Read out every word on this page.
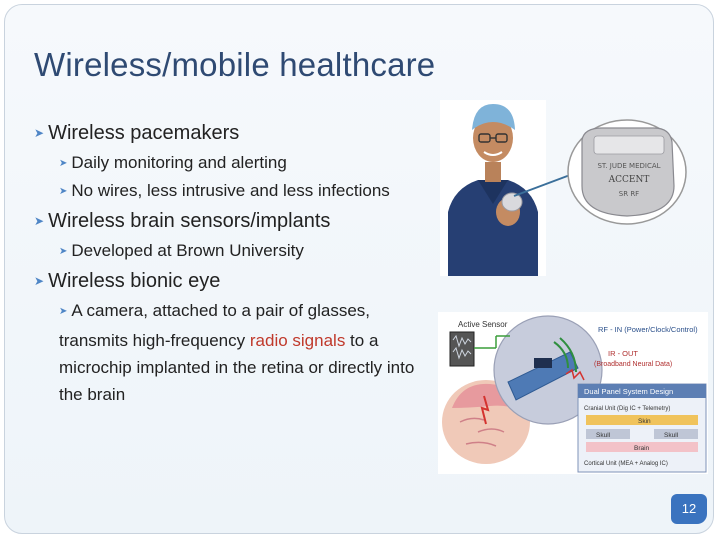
Wireless/mobile healthcare
➤ Wireless pacemakers
➤ Daily monitoring and alerting
➤ No wires, less intrusive and less infections
➤ Wireless brain sensors/implants
➤ Developed at Brown University
➤ Wireless bionic eye
➤ A camera, attached to a pair of glasses, transmits high-frequency radio signals to a microchip implanted in the retina or directly into the brain
ST. JUDE MEDICAL
ACCENT
SR RF
Active Sensor
RF - IN (Power/Clock/Control)
IR - OUT
(Broadband Neural Data)
Dual Panel System Design
Cranial Unit (Dig IC + Telemetry)
Skin
Skull	Skull
Brain
Cortical Unit (MEA + Analog IC)
12
